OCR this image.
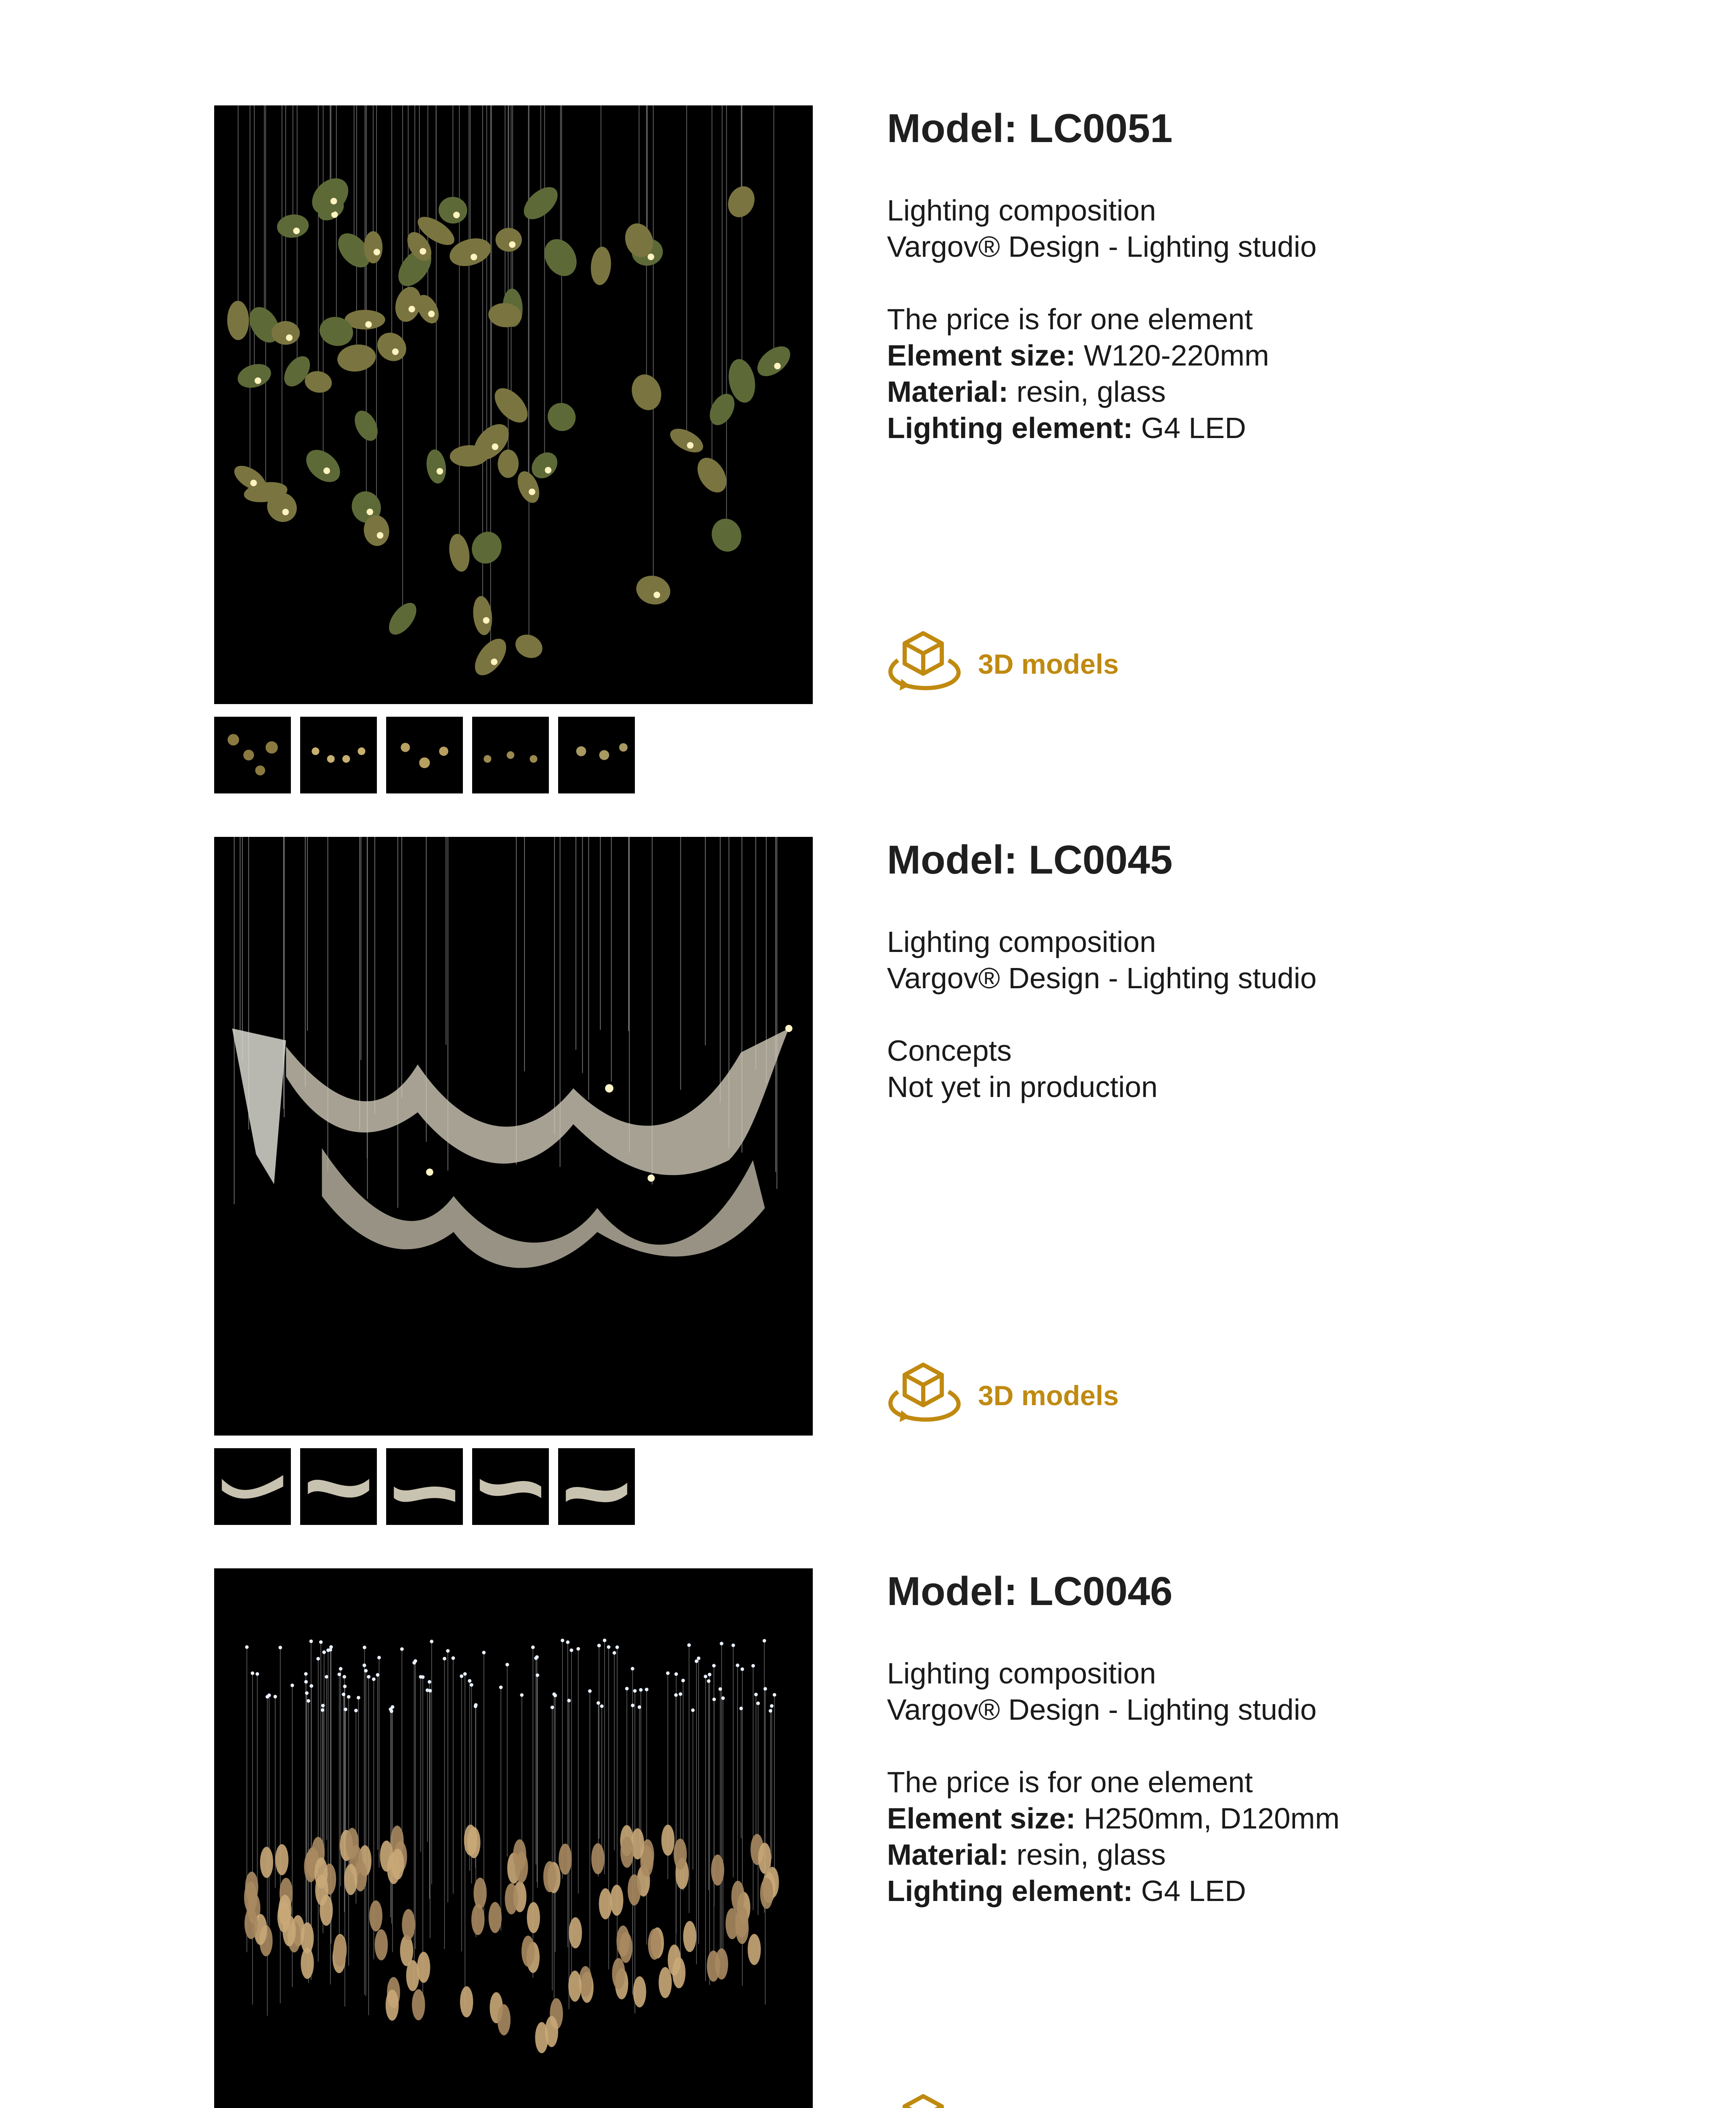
Model: LC0051
Lighting composition
Vargov® Design - Lighting studio
The price is for one element
Element size: W120-220mm
Material: resin, glass
Lighting element: G4 LED
3D models
Model: LC0045
Lighting composition
Vargov® Design - Lighting studio
Concepts
Not yet in production
3D models
Model: LC0046
Lighting composition
Vargov® Design - Lighting studio
The price is for one element
Element size: H250mm, D120mm
Material: resin, glass
Lighting element: G4 LED
